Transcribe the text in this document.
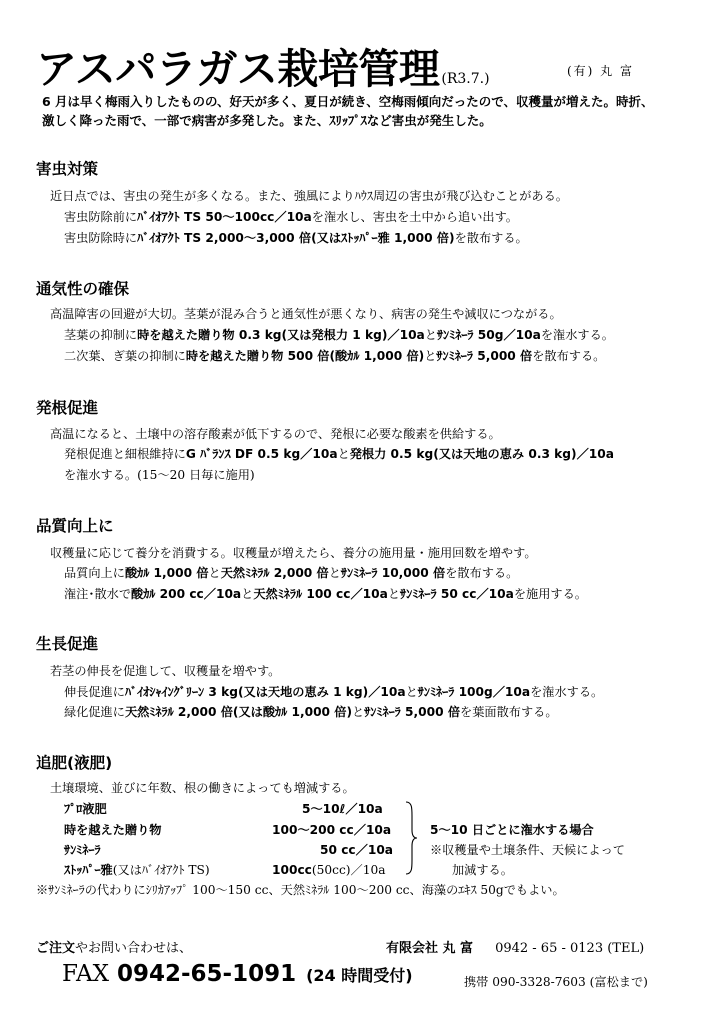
アスパラガス栽培管理 (R3.7.)	(有) 丸 富
6 月は早く梅雨入りしたものの、好天が多く、夏日が続き、空梅雨傾向だったので、収穫量が増えた。時折、
激しく降った雨で、一部で病害が多発した。また、ｽﾘｯﾌﾟｽなど害虫が発生した。
害虫対策
近日点では、害虫の発生が多くなる。また、強風によりﾊｳｽ周辺の害虫が飛び込むことがある。
害虫防除前にﾊﾞｲｵｱｸﾄ TS 50～100cc／10aを潅水し、害虫を土中から追い出す。
害虫防除時にﾊﾞｲｵｱｸﾄ TS 2,000～3,000 倍(又はｽﾄｯﾊﾟｰ雅 1,000 倍)を散布する。
通気性の確保
高温障害の回避が大切。茎葉が混み合うと通気性が悪くなり、病害の発生や減収につながる。
茎葉の抑制に時を越えた贈り物 0.3 kg(又は発根力 1 kg)／10aとｻﾝﾐﾈｰﾗ 50g／10aを潅水する。
二次葉、ぎ葉の抑制に時を越えた贈り物 500 倍(酸ｶﾙ 1,000 倍)とｻﾝﾐﾈｰﾗ 5,000 倍を散布する。
発根促進
高温になると、土壌中の溶存酸素が低下するので、発根に必要な酸素を供給する。
発根促進と細根維持にG ﾊﾞﾗﾝｽ DF 0.5 kg／10aと発根力 0.5 kg(又は天地の恵み 0.3 kg)／10a
を潅水する。(15～20 日毎に施用)
品質向上に
収穫量に応じて養分を消費する。収穫量が増えたら、養分の施用量・施用回数を増やす。
品質向上に酸ｶﾙ 1,000 倍と天然ﾐﾈﾗﾙ 2,000 倍とｻﾝﾐﾈｰﾗ 10,000 倍を散布する。
潅注･散水で酸ｶﾙ 200 cc／10aと天然ﾐﾈﾗﾙ 100 cc／10aとｻﾝﾐﾈｰﾗ 50 cc／10aを施用する。
生長促進
若茎の伸長を促進して、収穫量を増やす。
伸長促進にﾊﾞｲｵｼｬｲﾝｸﾞﾘｰﾝ 3 kg(又は天地の恵み 1 kg)／10aとｻﾝﾐﾈｰﾗ 100g／10aを潅水する。
緑化促進に天然ﾐﾈﾗﾙ 2,000 倍(又は酸ｶﾙ 1,000 倍)とｻﾝﾐﾈｰﾗ 5,000 倍を葉面散布する。
追肥(液肥)
土壌環境、並びに年数、根の働きによっても増減する。
ﾌﾟﾛ液肥	5～10ℓ／10a
時を越えた贈り物	100～200 cc／10a
ｻﾝﾐﾈｰﾗ	50 cc／10a
ｽﾄｯﾊﾟｰ雅(又はﾊﾞｲｵｱｸﾄ TS)	100cc(50cc)／10a
5～10 日ごとに潅水する場合
※収穫量や土壌条件、天候によって
加減する。
※ｻﾝﾐﾈｰﾗの代わりにｼﾘｶｱｯﾌﾟ 100～150 cc、天然ﾐﾈﾗﾙ 100～200 cc、海藻のｴｷｽ 50gでもよい。
ご注文やお問い合わせは、	有限会社 丸 富 0942 - 65 - 0123 (TEL)
FAX 0942-65-1091 (24 時間受付)	携帯 090-3328-7603 (富松まで)
